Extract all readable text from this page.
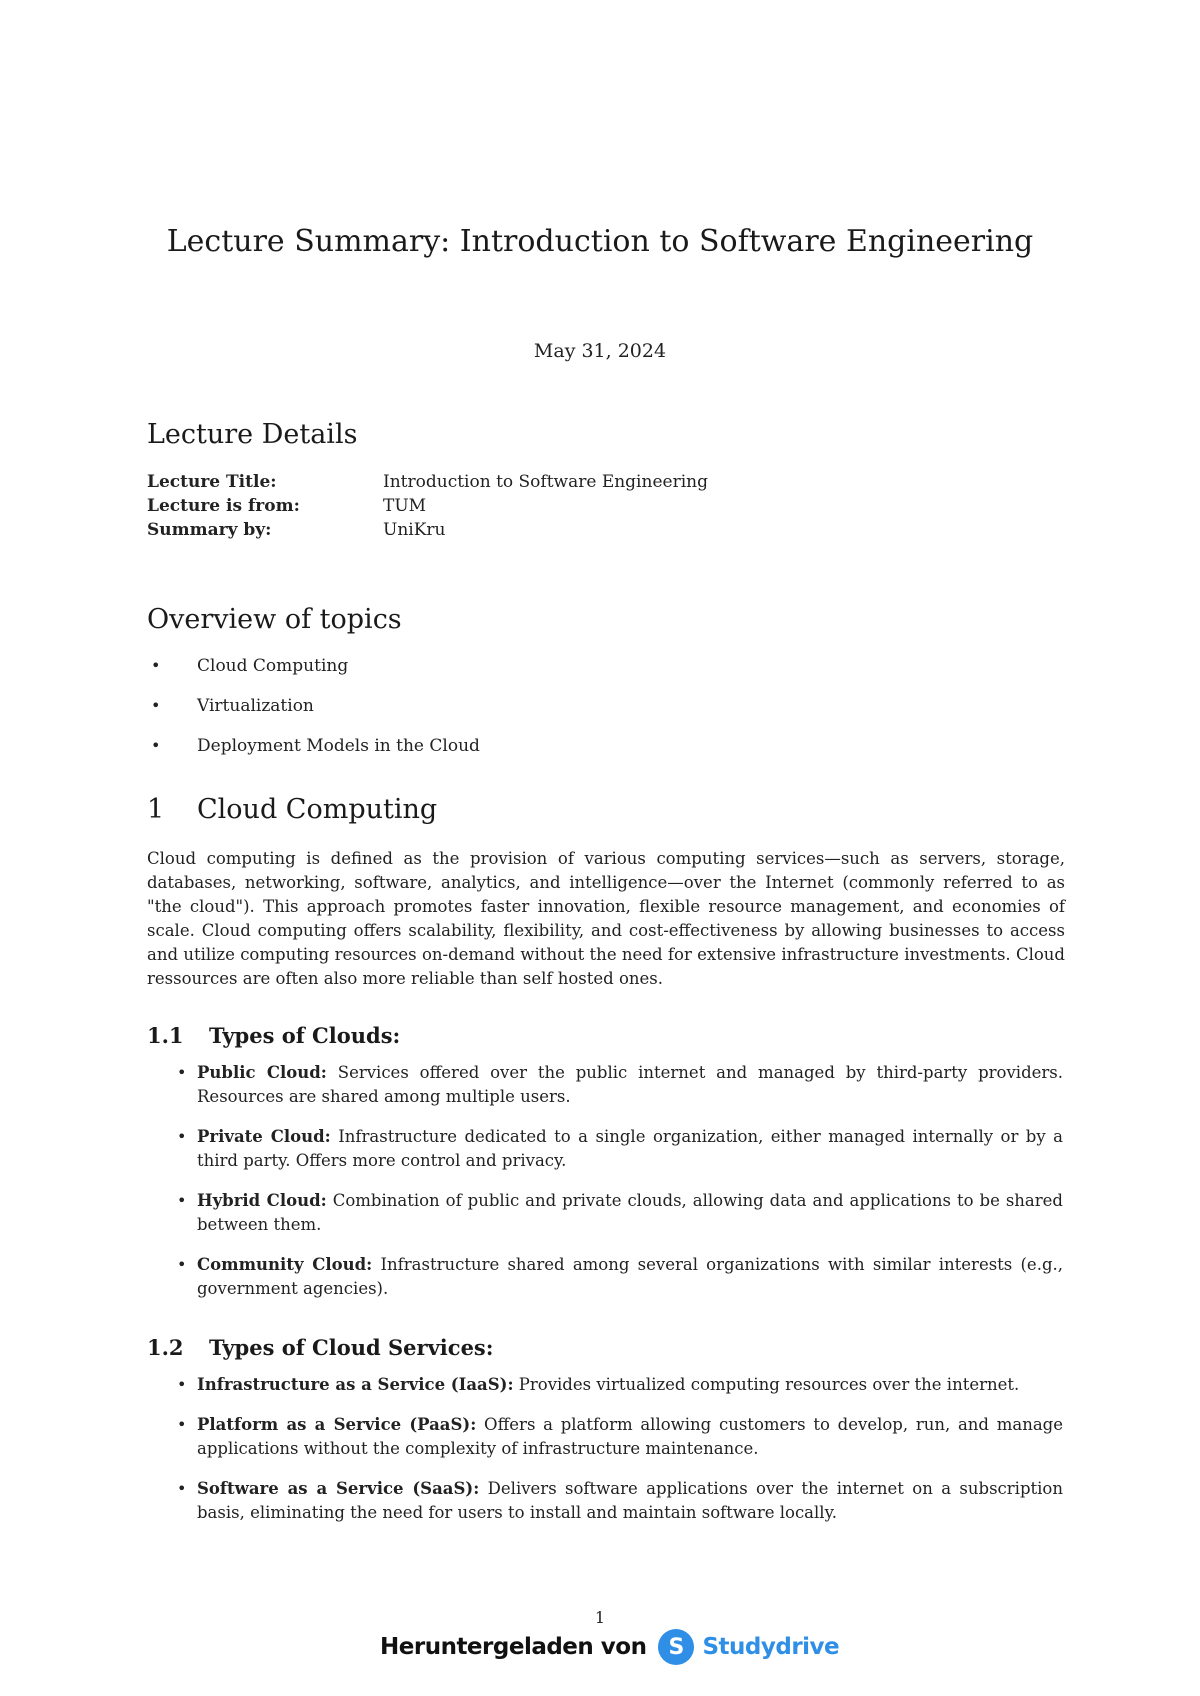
Lecture Summary: Introduction to Software Engineering
May 31, 2024
Lecture Details
Lecture Title:	Introduction to Software Engineering
Lecture is from:	TUM
Summary by:	UniKru
Overview of topics
Cloud Computing
Virtualization
Deployment Models in the Cloud
1 Cloud Computing
Cloud computing is defined as the provision of various computing services—such as servers, storage, databases, networking, software, analytics, and intelligence—over the Internet (commonly referred to as "the cloud"). This approach promotes faster innovation, flexible resource management, and economies of scale. Cloud computing offers scalability, flexibility, and cost-effectiveness by allowing businesses to access and utilize computing resources on-demand without the need for extensive infrastructure investments. Cloud ressources are often also more reliable than self hosted ones.
1.1 Types of Clouds:
Public Cloud: Services offered over the public internet and managed by third-party providers. Resources are shared among multiple users.
Private Cloud: Infrastructure dedicated to a single organization, either managed internally or by a third party. Offers more control and privacy.
Hybrid Cloud: Combination of public and private clouds, allowing data and applications to be shared between them.
Community Cloud: Infrastructure shared among several organizations with similar interests (e.g., government agencies).
1.2 Types of Cloud Services:
Infrastructure as a Service (IaaS): Provides virtualized computing resources over the internet.
Platform as a Service (PaaS): Offers a platform allowing customers to develop, run, and manage applications without the complexity of infrastructure maintenance.
Software as a Service (SaaS): Delivers software applications over the internet on a subscription basis, eliminating the need for users to install and maintain software locally.
1
Heruntergeladen von	S Studydrive
